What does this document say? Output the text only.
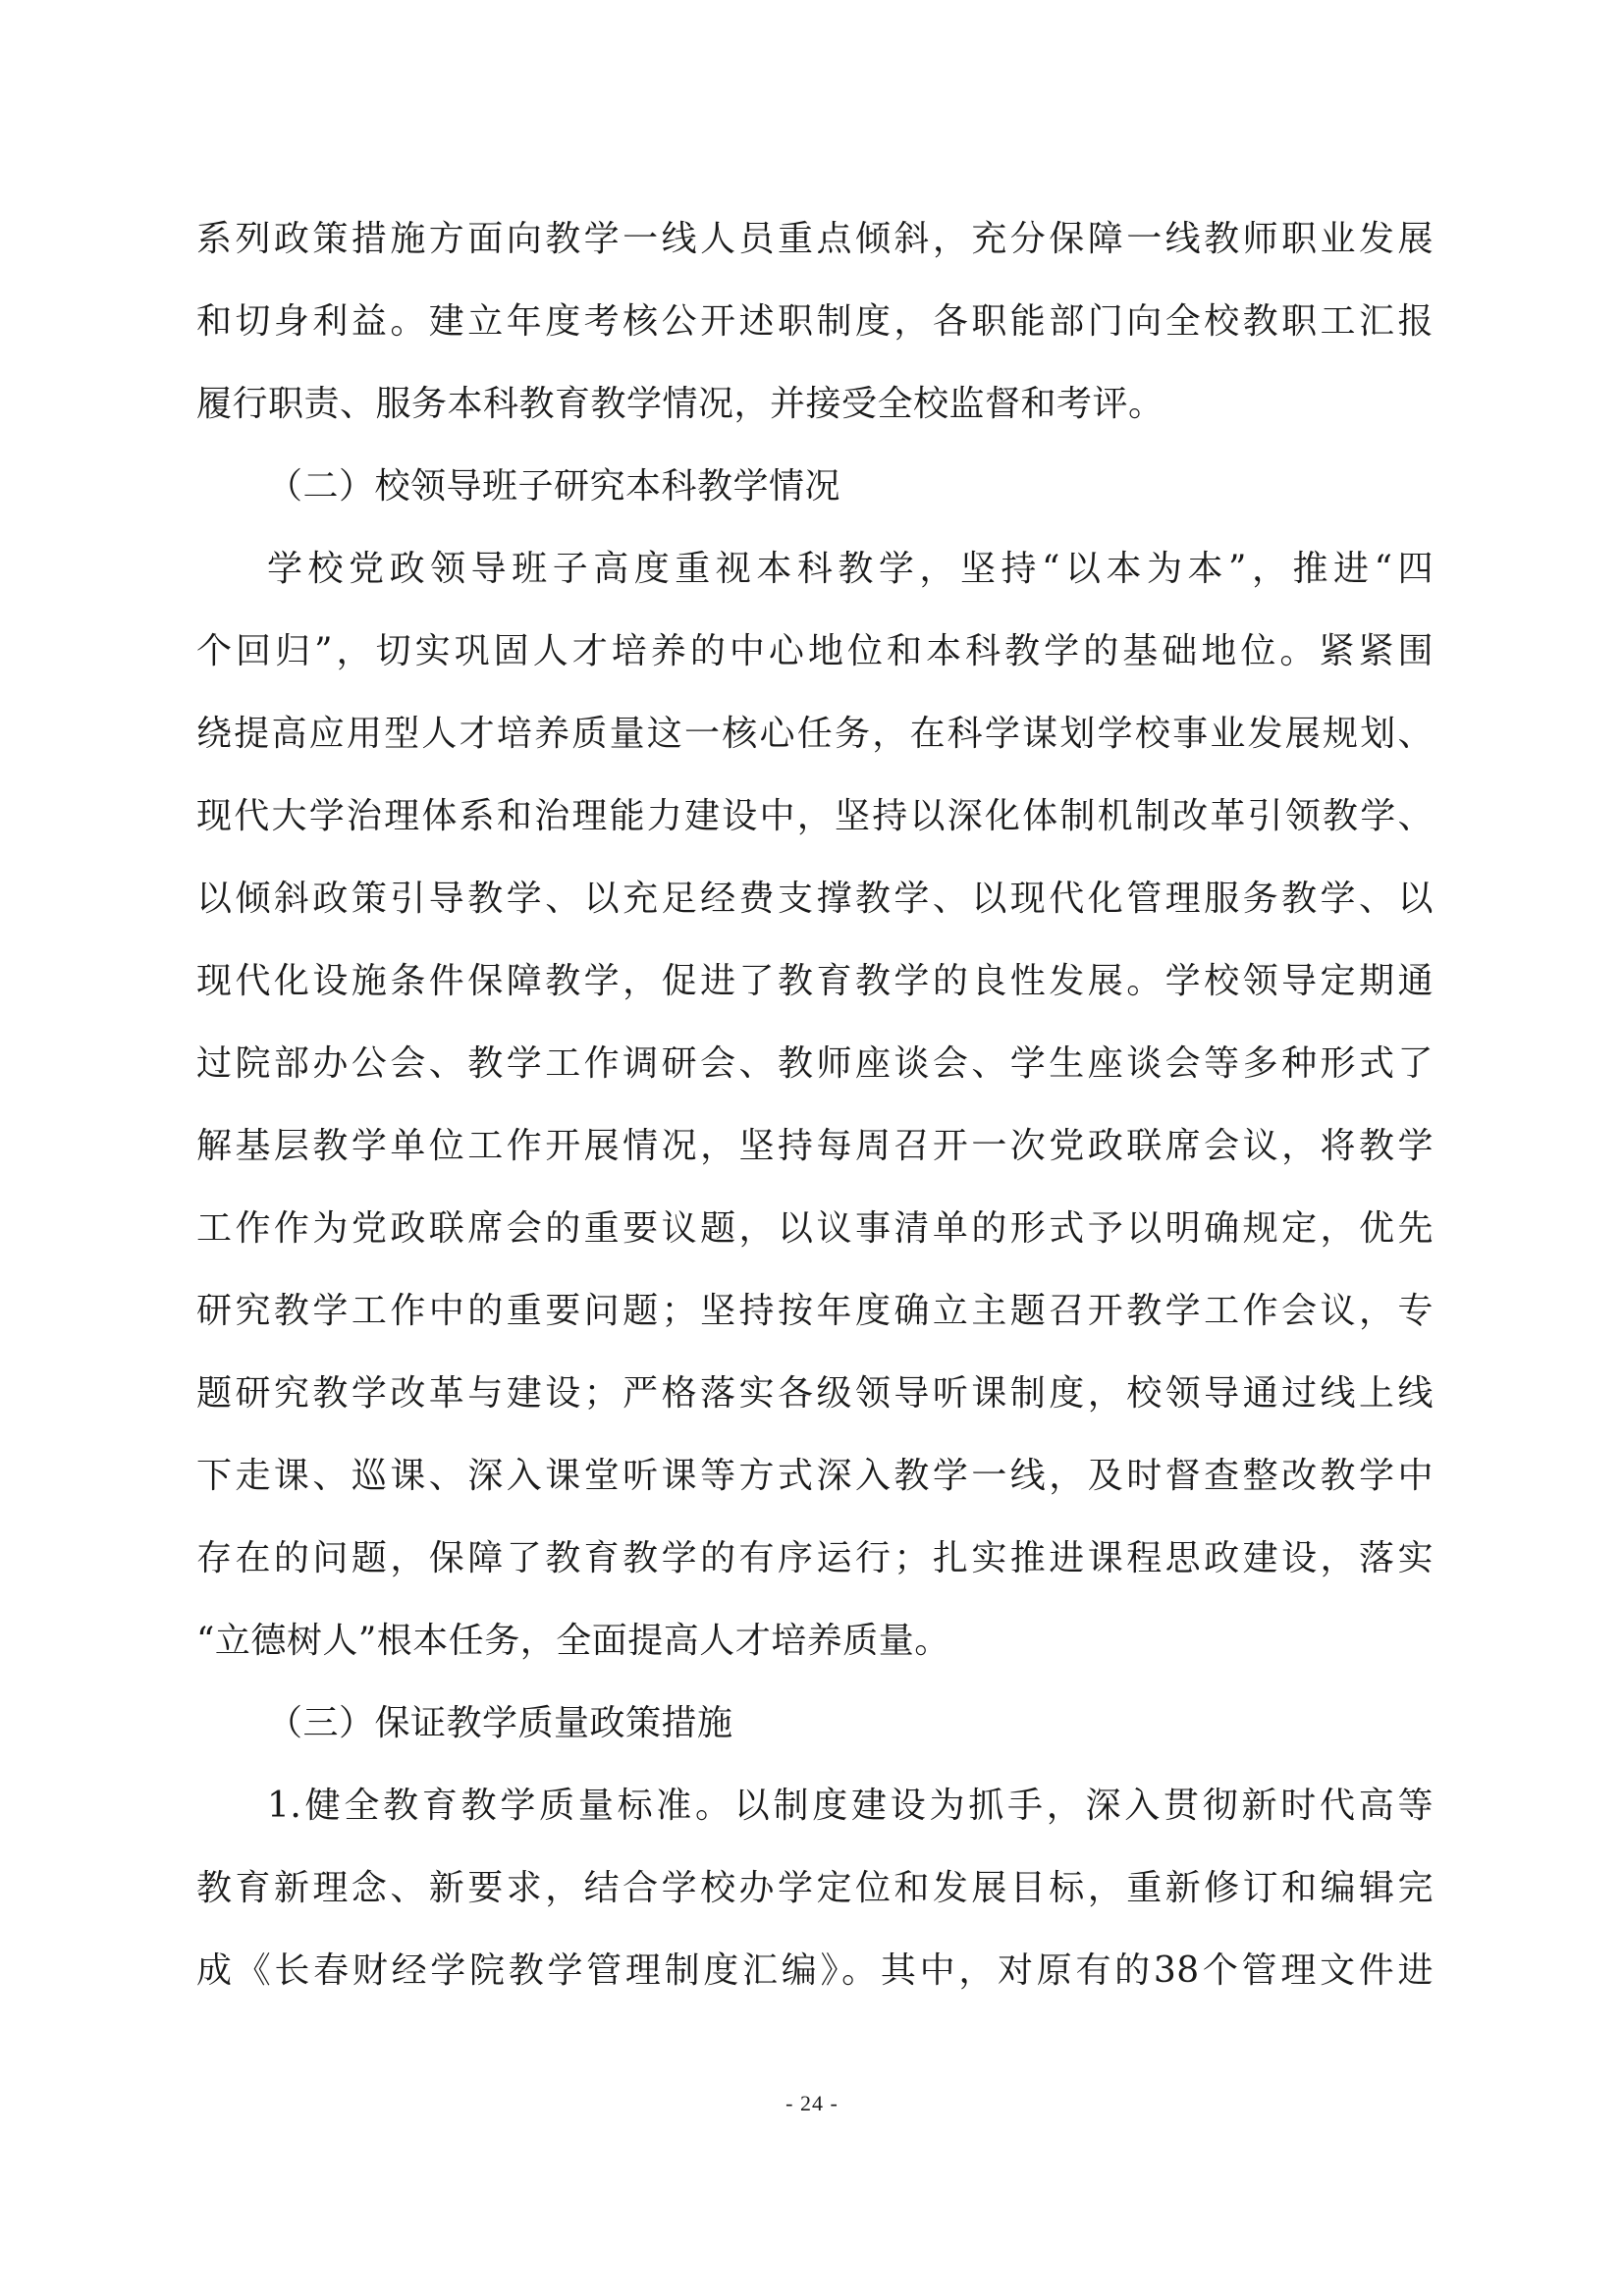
系列政策措施方面向教学一线人员重点倾斜，充分保障一线教师职业发展
和切身利益。建立年度考核公开述职制度，各职能部门向全校教职工汇报
履行职责、服务本科教育教学情况，并接受全校监督和考评。
（二）校领导班子研究本科教学情况
学校党政领导班子高度重视本科教学，坚持“以本为本”，推进“四
个回归”，切实巩固人才培养的中心地位和本科教学的基础地位。紧紧围
绕提高应用型人才培养质量这一核心任务，在科学谋划学校事业发展规划、
现代大学治理体系和治理能力建设中，坚持以深化体制机制改革引领教学、
以倾斜政策引导教学、以充足经费支撑教学、以现代化管理服务教学、以
现代化设施条件保障教学，促进了教育教学的良性发展。学校领导定期通
过院部办公会、教学工作调研会、教师座谈会、学生座谈会等多种形式了
解基层教学单位工作开展情况，坚持每周召开一次党政联席会议，将教学
工作作为党政联席会的重要议题，以议事清单的形式予以明确规定，优先
研究教学工作中的重要问题；坚持按年度确立主题召开教学工作会议，专
题研究教学改革与建设；严格落实各级领导听课制度，校领导通过线上线
下走课、巡课、深入课堂听课等方式深入教学一线，及时督查整改教学中
存在的问题，保障了教育教学的有序运行；扎实推进课程思政建设，落实
“立德树人”根本任务，全面提高人才培养质量。
（三）保证教学质量政策措施
1.健全教育教学质量标准。以制度建设为抓手，深入贯彻新时代高等
教育新理念、新要求，结合学校办学定位和发展目标，重新修订和编辑完
成《长春财经学院教学管理制度汇编》。其中，对原有的38个管理文件进
- 24 -
